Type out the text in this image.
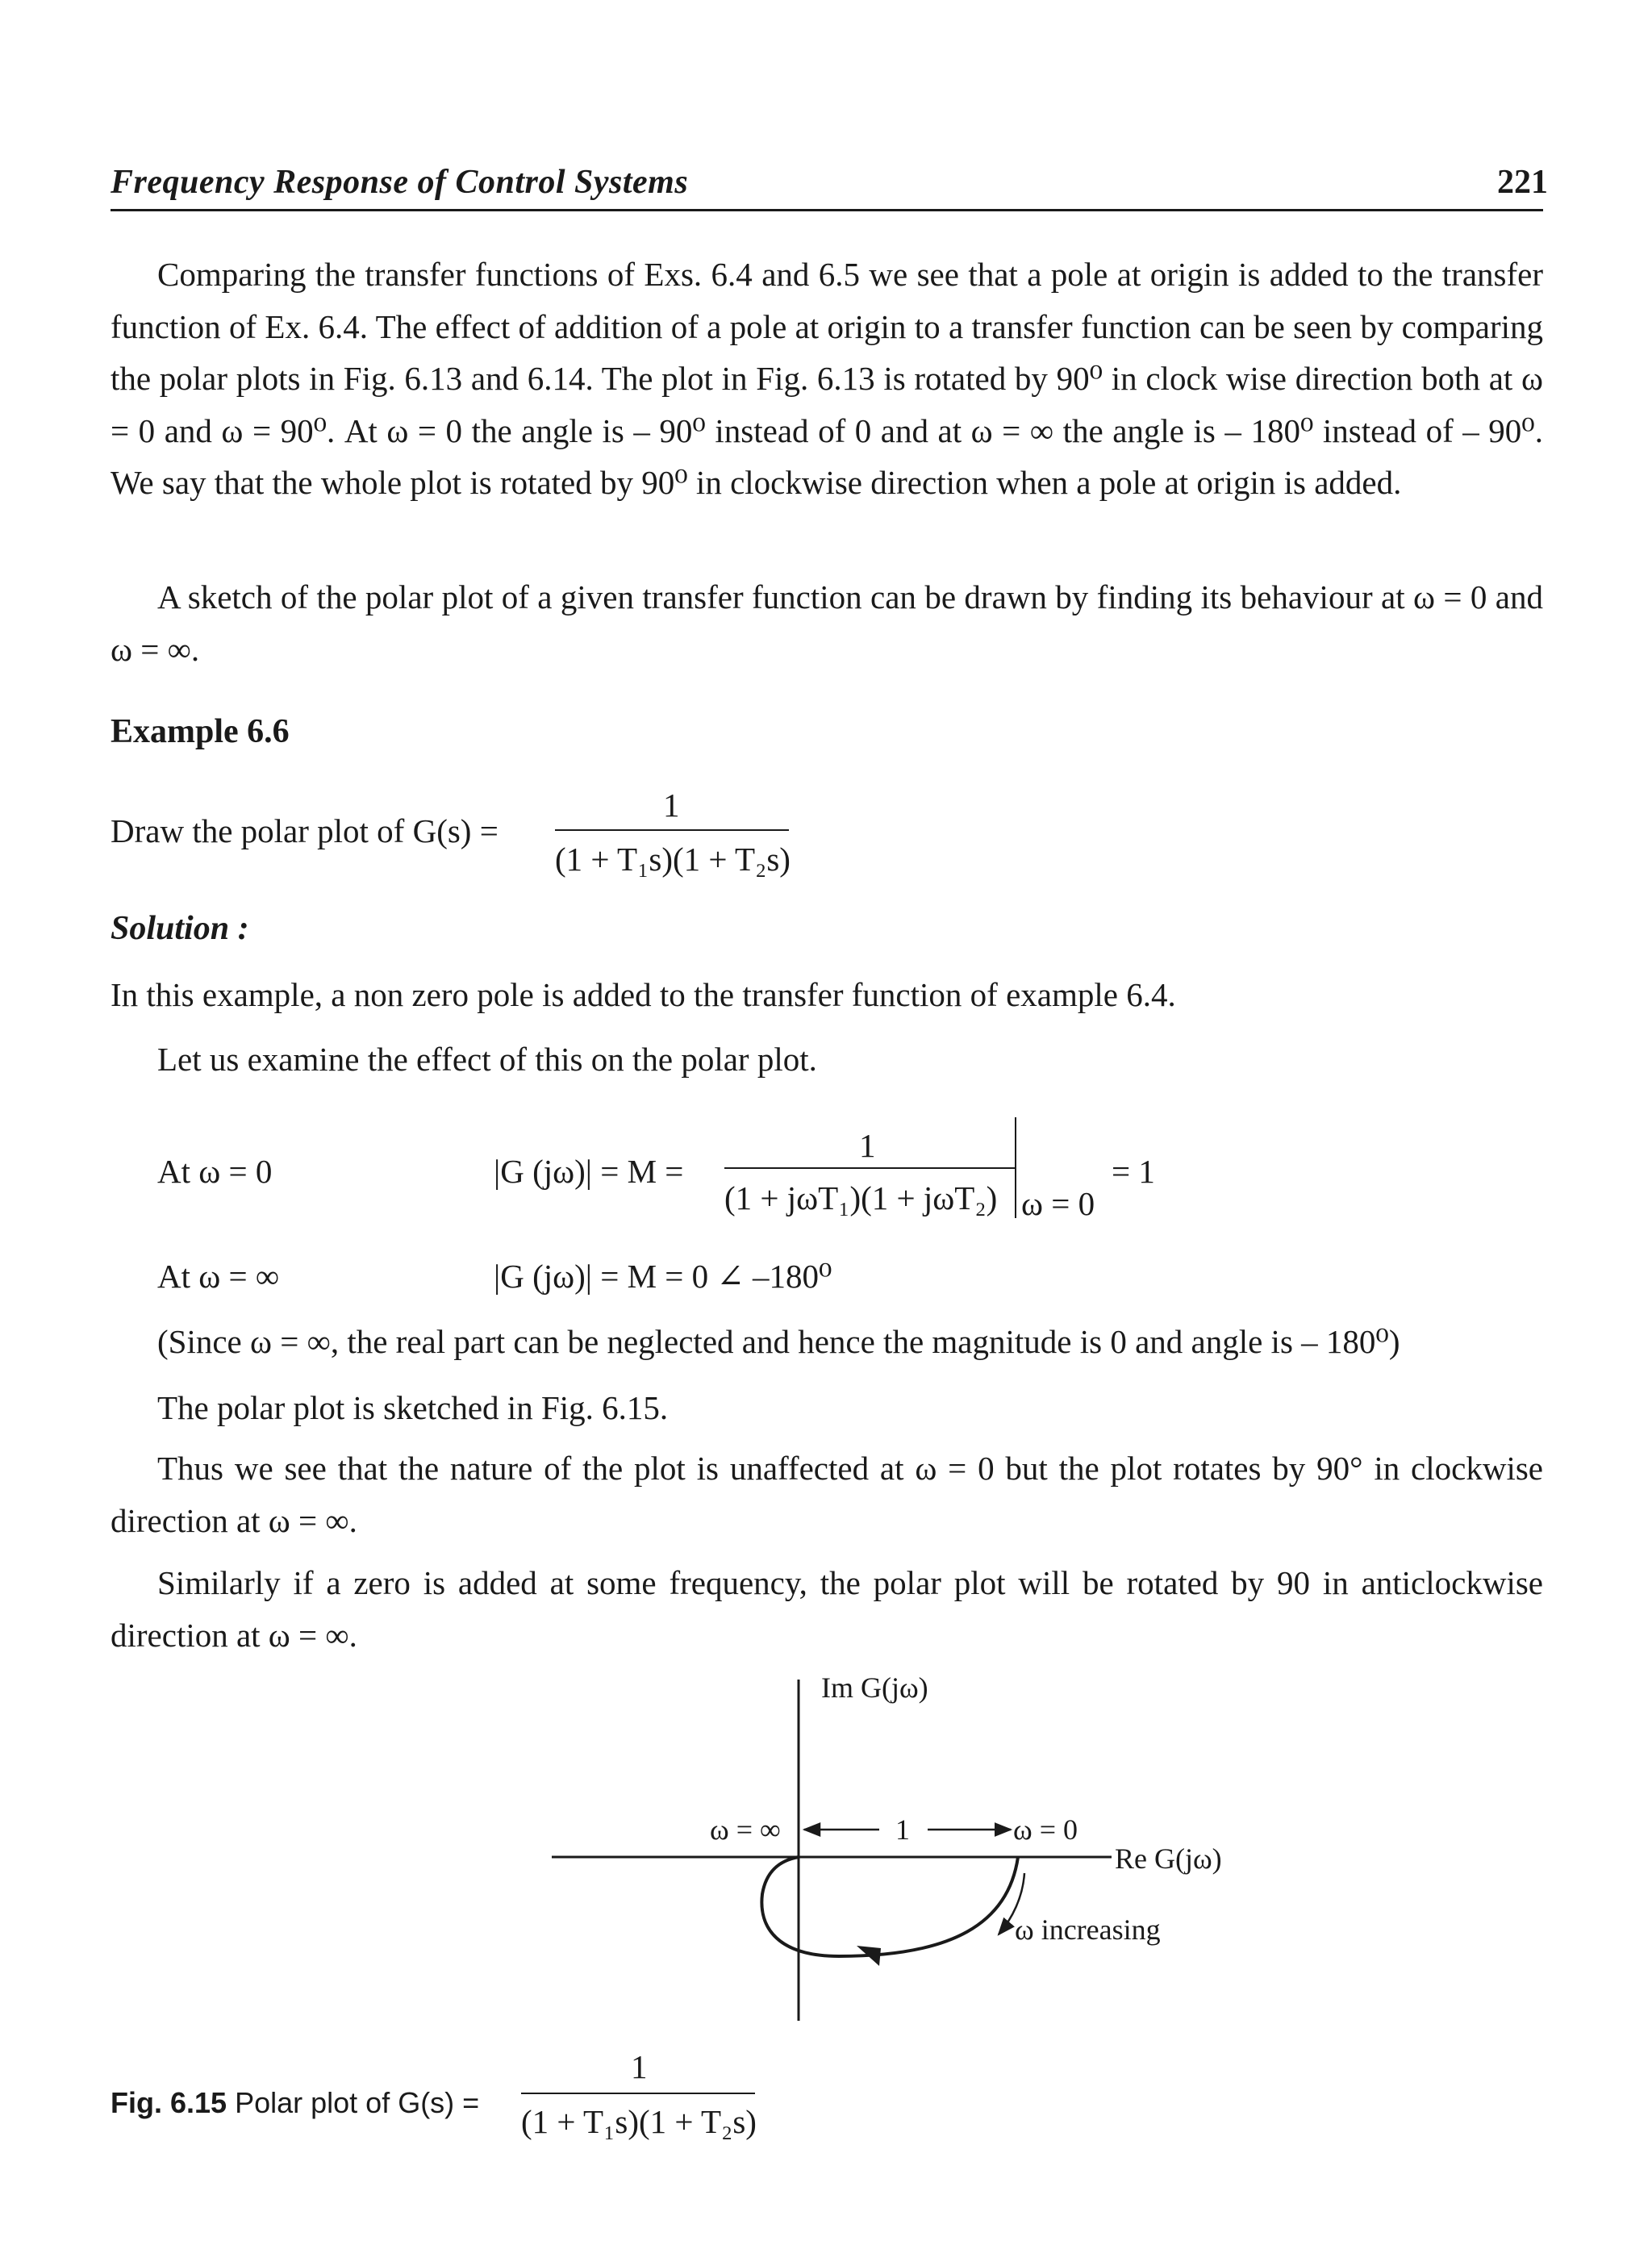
Frequency Response of Control Systems	221
Comparing the transfer functions of Exs. 6.4 and 6.5 we see that a pole at origin is added to the transfer function of Ex. 6.4. The effect of addition of a pole at origin to a transfer function can be seen by comparing the polar plots in Fig. 6.13 and 6.14. The plot in Fig. 6.13 is rotated by 90⁰ in clock wise direction both at ω = 0 and ω = 90⁰. At ω = 0 the angle is – 90⁰ instead of 0 and at ω = ∞ the angle is – 180⁰ instead of – 90⁰. We say that the whole plot is rotated by 90⁰ in clockwise direction when a pole at origin is added.
A sketch of the polar plot of a given transfer function can be drawn by finding its behaviour at ω = 0 and ω = ∞.
Example 6.6
Draw the polar plot of G(s) =
1
(1 + T₁s)(1 + T₂s)
Solution :
In this example, a non zero pole is added to the transfer function of example 6.4.
Let us examine the effect of this on the polar plot.
At ω = 0	|G (jω)| = M =
1
(1 + jωT₁)(1 + jωT₂) ω = 0
= 1
At ω = ∞	|G (jω)| = M = 0 ∠ –180⁰
(Since ω = ∞, the real part can be neglected and hence the magnitude is 0 and angle is – 180⁰)
The polar plot is sketched in Fig. 6.15.
Thus we see that the nature of the plot is unaffected at ω = 0 but the plot rotates by 90° in clockwise direction at ω = ∞.
Similarly if a zero is added at some frequency, the polar plot will be rotated by 90 in anticlockwise direction at ω = ∞.
Im G(jω)
Re G(jω)
ω = ∞	1	ω = 0
ω increasing
Fig. 6.15 Polar plot of G(s) =
1
(1 + T₁s)(1 + T₂s)
